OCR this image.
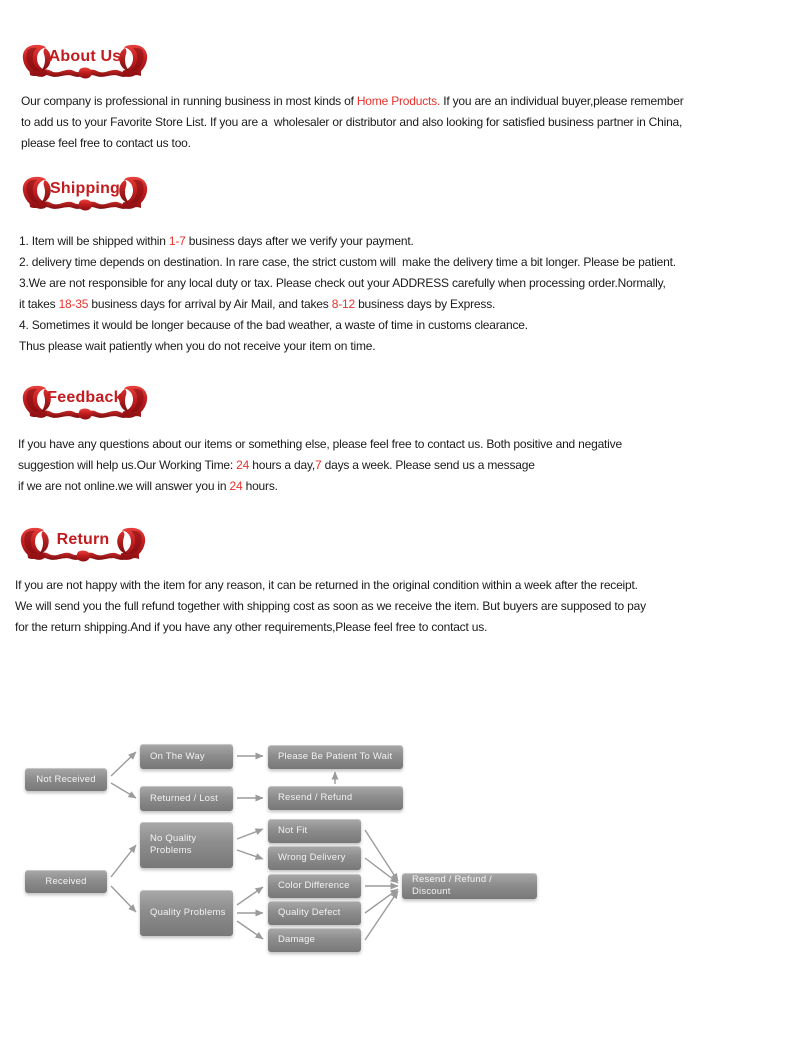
About Us
Our company is professional in running business in most kinds of Home Products. If you are an individual buyer,please remember
to add us to your Favorite Store List. If you are a  wholesaler or distributor and also looking for satisfied business partner in China,
please feel free to contact us too.
Shipping
1. Item will be shipped within 1-7 business days after we verify your payment.
2. delivery time depends on destination. In rare case, the strict custom will  make the delivery time a bit longer. Please be patient.
3.We are not responsible for any local duty or tax. Please check out your ADDRESS carefully when processing order.Normally,
it takes 18-35 business days for arrival by Air Mail, and takes 8-12 business days by Express.
4. Sometimes it would be longer because of the bad weather, a waste of time in customs clearance.
Thus please wait patiently when you do not receive your item on time.
Feedback
If you have any questions about our items or something else, please feel free to contact us. Both positive and negative
suggestion will help us.Our Working Time: 24 hours a day,7 days a week. Please send us a message
if we are not online.we will answer you in 24 hours.
Return
If you are not happy with the item for any reason, it can be returned in the original condition within a week after the receipt.
We will send you the full refund together with shipping cost as soon as we receive the item. But buyers are supposed to pay
for the return shipping.And if you have any other requirements,Please feel free to contact us.
Not Received
On The Way
Returned / Lost
Please Be Patient To Wait
Resend / Refund
Received
No Quality Problems
Quality Problems
Not Fit
Wrong Delivery
Color Difference
Quality Defect
Damage
Resend / Refund / Discount
